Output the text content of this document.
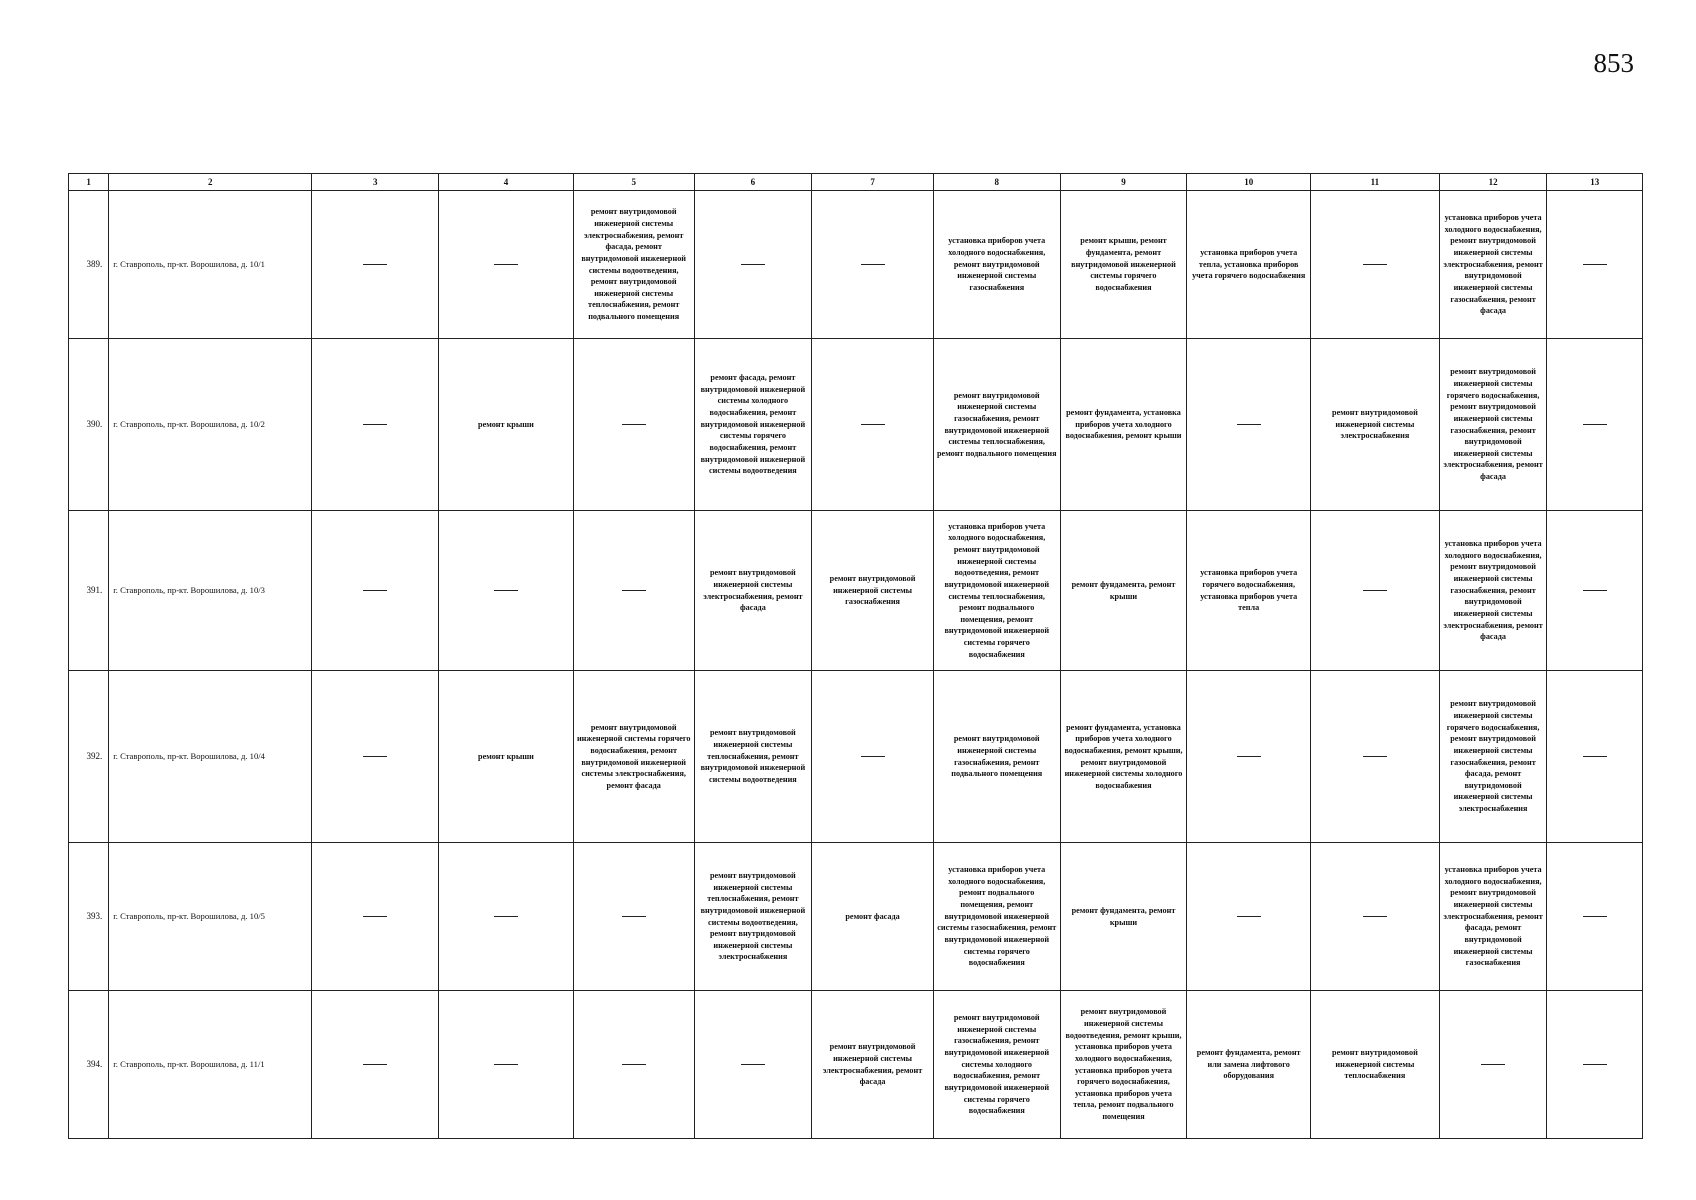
853
1	2	3	4	5	6	7	8	9	10	11	12	13
389.	г. Ставрополь, пр-кт. Ворошилова, д. 10/1			ремонт внутридомовой инженерной системы электроснабжения, ремонт фасада, ремонт внутридомовой инженерной системы водоотведения, ремонт внутридомовой инженерной системы теплоснабжения, ремонт подвального помещения			установка приборов учета холодного водоснабжения, ремонт внутридомовой инженерной системы газоснабжения	ремонт крыши, ремонт фундамента, ремонт внутридомовой инженерной системы горячего водоснабжения	установка приборов учета тепла, установка приборов учета горячего водоснабжения		установка приборов учета холодного водоснабжения, ремонт внутридомовой инженерной системы электроснабжения, ремонт внутридомовой инженерной системы газоснабжения, ремонт фасада	
390.	г. Ставрополь, пр-кт. Ворошилова, д. 10/2		ремонт крыши		ремонт фасада, ремонт внутридомовой инженерной системы холодного водоснабжения, ремонт внутридомовой инженерной системы горячего водоснабжения, ремонт внутридомовой инженерной системы водоотведения		ремонт внутридомовой инженерной системы газоснабжения, ремонт внутридомовой инженерной системы теплоснабжения, ремонт подвального помещения	ремонт фундамента, установка приборов учета холодного водоснабжения, ремонт крыши		ремонт внутридомовой инженерной системы электроснабжения	ремонт внутридомовой инженерной системы горячего водоснабжения, ремонт внутридомовой инженерной системы газоснабжения, ремонт внутридомовой инженерной системы электроснабжения, ремонт фасада	
391.	г. Ставрополь, пр-кт. Ворошилова, д. 10/3				ремонт внутридомовой инженерной системы электроснабжения, ремонт фасада	ремонт внутридомовой инженерной системы газоснабжения	установка приборов учета холодного водоснабжения, ремонт внутридомовой инженерной системы водоотведения, ремонт внутридомовой инженерной системы теплоснабжения, ремонт подвального помещения, ремонт внутридомовой инженерной системы горячего водоснабжения	ремонт фундамента, ремонт крыши	установка приборов учета горячего водоснабжения, установка приборов учета тепла		установка приборов учета холодного водоснабжения, ремонт внутридомовой инженерной системы газоснабжения, ремонт внутридомовой инженерной системы электроснабжения, ремонт фасада	
392.	г. Ставрополь, пр-кт. Ворошилова, д. 10/4		ремонт крыши	ремонт внутридомовой инженерной системы горячего водоснабжения, ремонт внутридомовой инженерной системы электроснабжения, ремонт фасада	ремонт внутридомовой инженерной системы теплоснабжения, ремонт внутридомовой инженерной системы водоотведения		ремонт внутридомовой инженерной системы газоснабжения, ремонт подвального помещения	ремонт фундамента, установка приборов учета холодного водоснабжения, ремонт крыши, ремонт внутридомовой инженерной системы холодного водоснабжения			ремонт внутридомовой инженерной системы горячего водоснабжения, ремонт внутридомовой инженерной системы газоснабжения, ремонт фасада, ремонт внутридомовой инженерной системы электроснабжения	
393.	г. Ставрополь, пр-кт. Ворошилова, д. 10/5				ремонт внутридомовой инженерной системы теплоснабжения, ремонт внутридомовой инженерной системы водоотведения, ремонт внутридомовой инженерной системы электроснабжения	ремонт фасада	установка приборов учета холодного водоснабжения, ремонт подвального помещения, ремонт внутридомовой инженерной системы газоснабжения, ремонт внутридомовой инженерной системы горячего водоснабжения	ремонт фундамента, ремонт крыши			установка приборов учета холодного водоснабжения, ремонт внутридомовой инженерной системы электроснабжения, ремонт фасада, ремонт внутридомовой инженерной системы газоснабжения	
394.	г. Ставрополь, пр-кт. Ворошилова, д. 11/1					ремонт внутридомовой инженерной системы электроснабжения, ремонт фасада	ремонт внутридомовой инженерной системы газоснабжения, ремонт внутридомовой инженерной системы холодного водоснабжения, ремонт внутридомовой инженерной системы горячего водоснабжения	ремонт внутридомовой инженерной системы водоотведения, ремонт крыши, установка приборов учета холодного водоснабжения, установка приборов учета горячего водоснабжения, установка приборов учета тепла, ремонт подвального помещения	ремонт фундамента, ремонт или замена лифтового оборудования	ремонт внутридомовой инженерной системы теплоснабжения		
